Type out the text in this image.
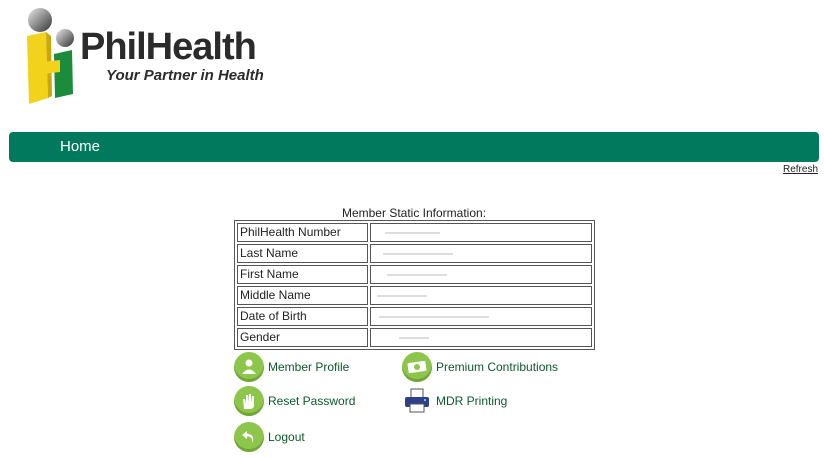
PhilHealth
Your Partner in Health
Home
Refresh
Member Static Information:
PhilHealth Number	
Last Name	
First Name	
Middle Name	
Date of Birth	
Gender	
Member Profile	Premium Contributions
Reset Password	MDR Printing
Logout
